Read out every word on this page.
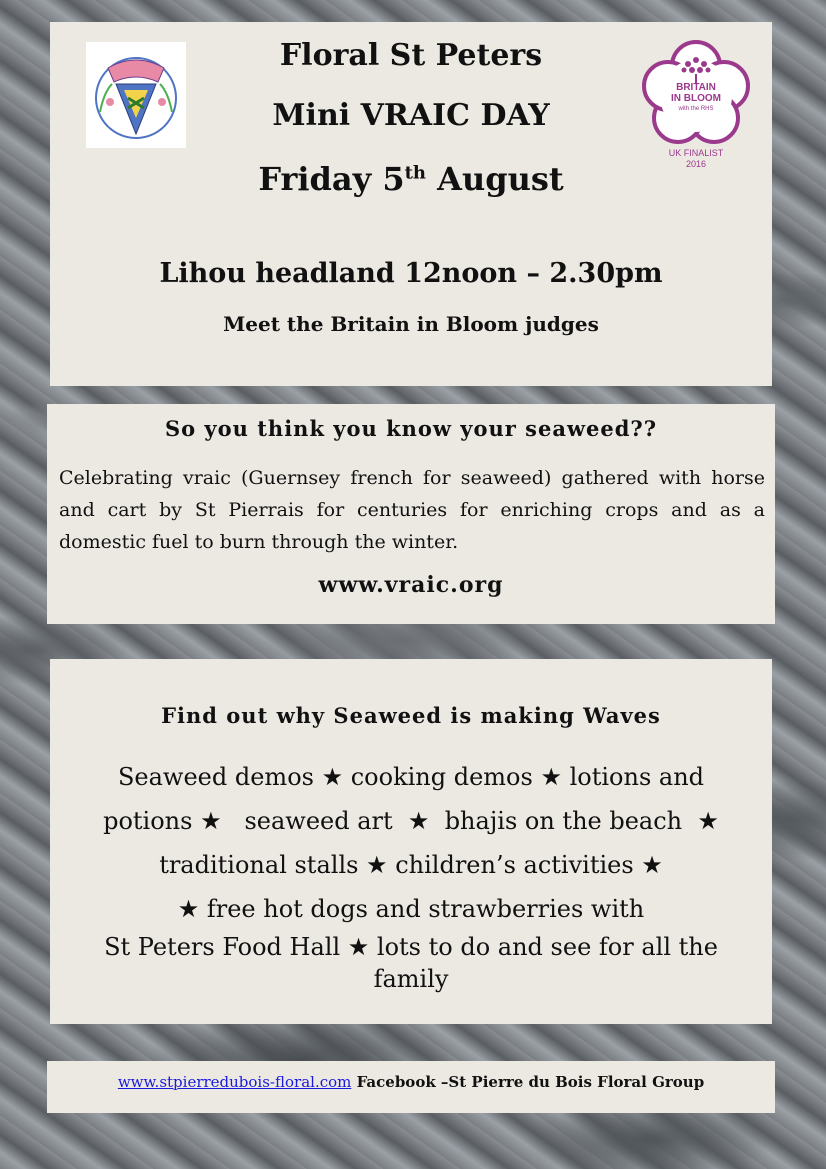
BRITAIN
IN BLOOM
with the RHS
UK FINALIST
2016
Floral St Peters
Mini VRAIC DAY
Friday 5th August
Lihou headland 12noon – 2.30pm
Meet the Britain in Bloom judges
So you think you know your seaweed??
Celebrating vraic (Guernsey french for seaweed) gathered with horse and cart by St Pierrais for centuries for enriching crops and as a domestic fuel to burn through the winter.
www.vraic.org
Find out why Seaweed is making Waves
Seaweed demos ★ cooking demos ★ lotions and
potions ★   seaweed art  ★  bhajis on the beach  ★
traditional stalls ★ children’s activities ★
★ free hot dogs and strawberries with
St Peters Food Hall ★ lots to do and see for all the family
www.stpierredubois-floral.com Facebook –St Pierre du Bois Floral Group
